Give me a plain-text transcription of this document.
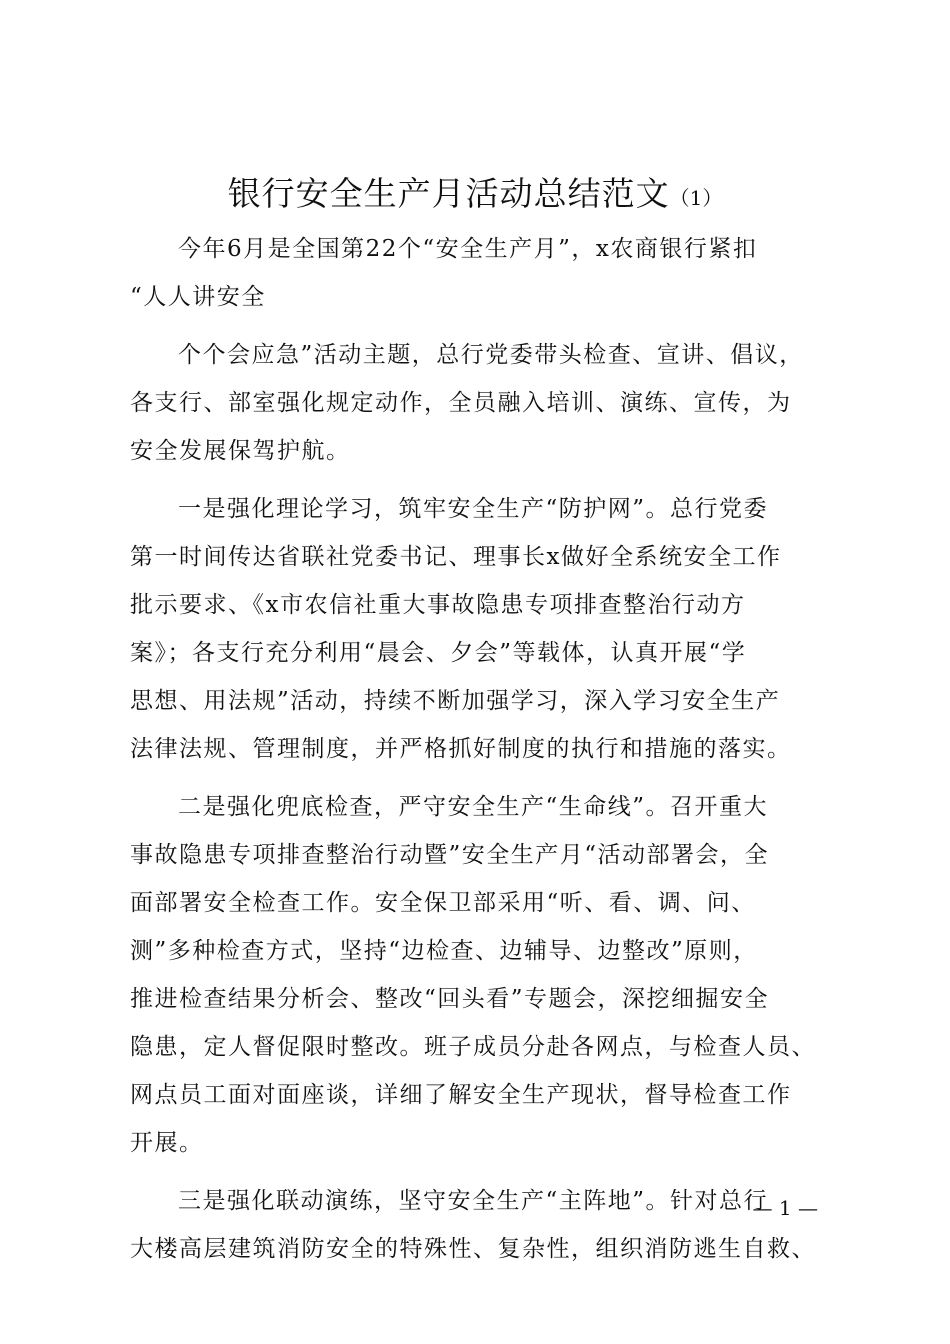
银行安全生产月活动总结范文（1）
今年6月是全国第22个“安全生产月”，x农商银行紧扣
“人人讲安全
个个会应急”活动主题，总行党委带头检查、宣讲、倡议，
各支行、部室强化规定动作，全员融入培训、演练、宣传，为
安全发展保驾护航。
一是强化理论学习，筑牢安全生产“防护网”。总行党委
第一时间传达省联社党委书记、理事长x做好全系统安全工作
批示要求、《x市农信社重大事故隐患专项排查整治行动方
案》；各支行充分利用“晨会、夕会”等载体，认真开展“学
思想、用法规”活动，持续不断加强学习，深入学习安全生产
法律法规、管理制度，并严格抓好制度的执行和措施的落实。
二是强化兜底检查，严守安全生产“生命线”。召开重大
事故隐患专项排查整治行动暨”安全生产月“活动部署会，全
面部署安全检查工作。安全保卫部采用“听、看、调、问、
测”多种检查方式，坚持“边检查、边辅导、边整改”原则，
推进检查结果分析会、整改“回头看”专题会，深挖细掘安全
隐患，定人督促限时整改。班子成员分赴各网点，与检查人员、
网点员工面对面座谈，详细了解安全生产现状，督导检查工作
开展。
三是强化联动演练，坚守安全生产“主阵地”。针对总行
大楼高层建筑消防安全的特殊性、复杂性，组织消防逃生自救、
— 1 —
